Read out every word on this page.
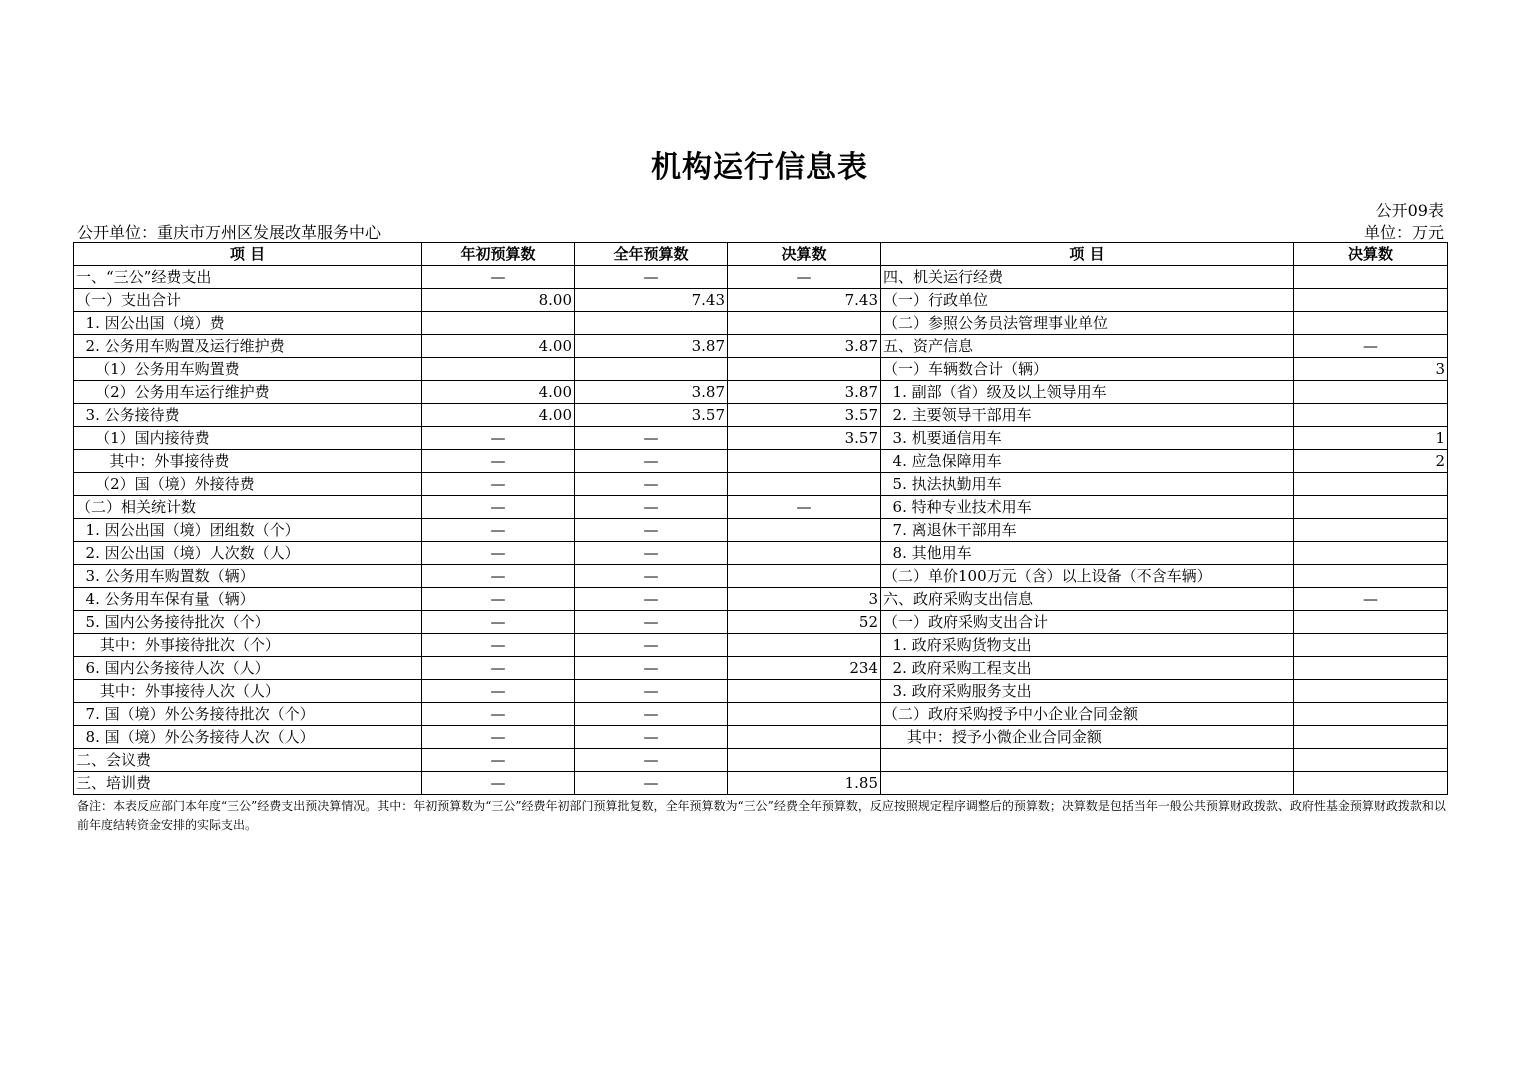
机构运行信息表
公开09表
公开单位：重庆市万州区发展改革服务中心	单位：万元
项 目	年初预算数	全年预算数	决算数	项 目	决算数
一、“三公”经费支出	—	—	—	四、机关运行经费	
（一）支出合计	8.00	7.43	7.43	（一）行政单位	
1. 因公出国（境）费				（二）参照公务员法管理事业单位	
2. 公务用车购置及运行维护费	4.00	3.87	3.87	五、资产信息	—
（1）公务用车购置费				（一）车辆数合计（辆）	3
（2）公务用车运行维护费	4.00	3.87	3.87	1. 副部（省）级及以上领导用车	
3. 公务接待费	4.00	3.57	3.57	2. 主要领导干部用车	
（1）国内接待费	—	—	3.57	3. 机要通信用车	1
其中：外事接待费	—	—		4. 应急保障用车	2
（2）国（境）外接待费	—	—		5. 执法执勤用车	
（二）相关统计数	—	—	—	6. 特种专业技术用车	
1. 因公出国（境）团组数（个）	—	—		7. 离退休干部用车	
2. 因公出国（境）人次数（人）	—	—		8. 其他用车	
3. 公务用车购置数（辆）	—	—		（二）单价100万元（含）以上设备（不含车辆）	
4. 公务用车保有量（辆）	—	—	3	六、政府采购支出信息	—
5. 国内公务接待批次（个）	—	—	52	（一）政府采购支出合计	
其中：外事接待批次（个）	—	—		1. 政府采购货物支出	
6. 国内公务接待人次（人）	—	—	234	2. 政府采购工程支出	
其中：外事接待人次（人）	—	—		3. 政府采购服务支出	
7. 国（境）外公务接待批次（个）	—	—		（二）政府采购授予中小企业合同金额	
8. 国（境）外公务接待人次（人）	—	—		其中：授予小微企业合同金额	
二、会议费	—	—			
三、培训费	—	—	1.85		
备注：本表反应部门本年度“三公”经费支出预决算情况。其中：年初预算数为“三公”经费年初部门预算批复数，全年预算数为“三公”经费全年预算数，反应按照规定程序调整后的预算数；决算数是包括当年一般公共预算财政拨款、政府性基金预算财政拨款和以前年度结转资金安排的实际支出。
